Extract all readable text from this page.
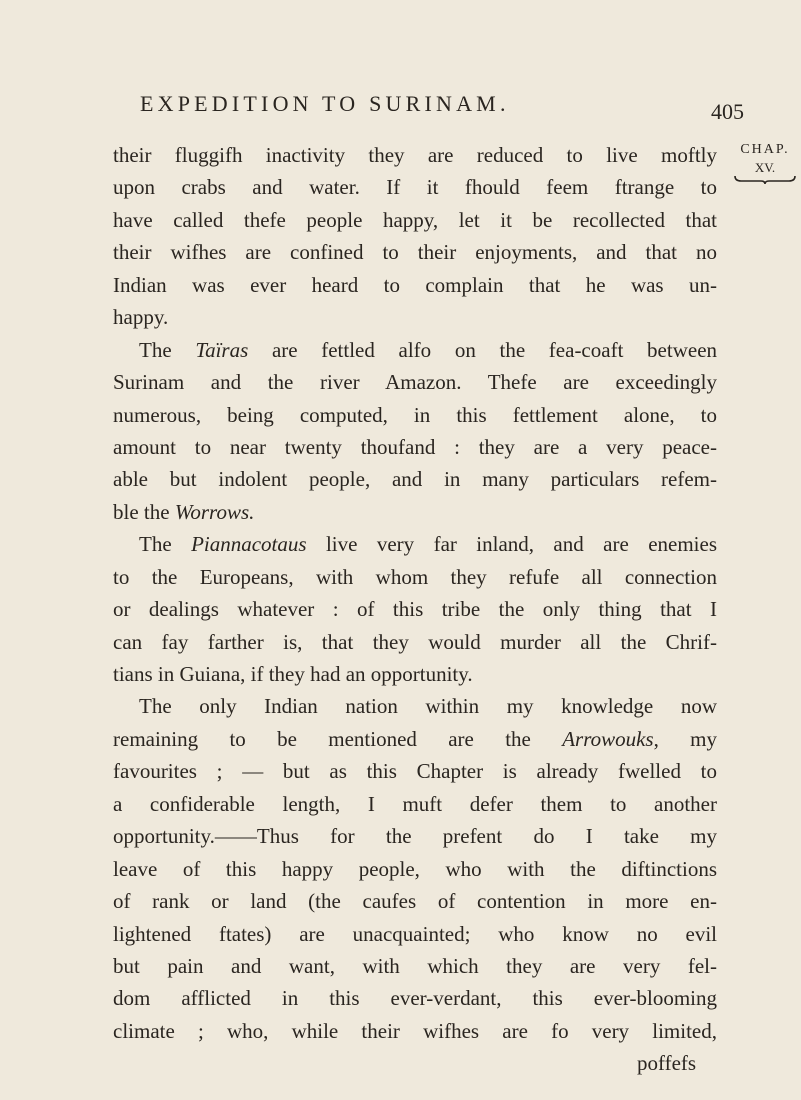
EXPEDITION TO SURINAM.	405
CHAP.
XV.
their fluggifh inactivity they are reduced to live moftly
upon crabs and water. If it fhould feem ftrange to
have called thefe people happy, let it be recollected that
their wifhes are confined to their enjoyments, and that no
Indian was ever heard to complain that he was un-
happy.
The Taïras are fettled alfo on the fea-coaft between
Surinam and the river Amazon. Thefe are exceedingly
numerous, being computed, in this fettlement alone, to
amount to near twenty thoufand : they are a very peace-
able but indolent people, and in many particulars refem-
ble the Worrows.
The Piannacotaus live very far inland, and are enemies
to the Europeans, with whom they refufe all connection
or dealings whatever : of this tribe the only thing that I
can fay farther is, that they would murder all the Chrif-
tians in Guiana, if they had an opportunity.
The only Indian nation within my knowledge now
remaining to be mentioned are the Arrowouks, my
favourites ; — but as this Chapter is already fwelled to
a confiderable length, I muft defer them to another
opportunity.——Thus for the prefent do I take my
leave of this happy people, who with the diftinctions
of rank or land (the caufes of contention in more en-
lightened ftates) are unacquainted; who know no evil
but pain and want, with which they are very fel-
dom afflicted in this ever-verdant, this ever-blooming
climate ; who, while their wifhes are fo very limited,
poffefs
